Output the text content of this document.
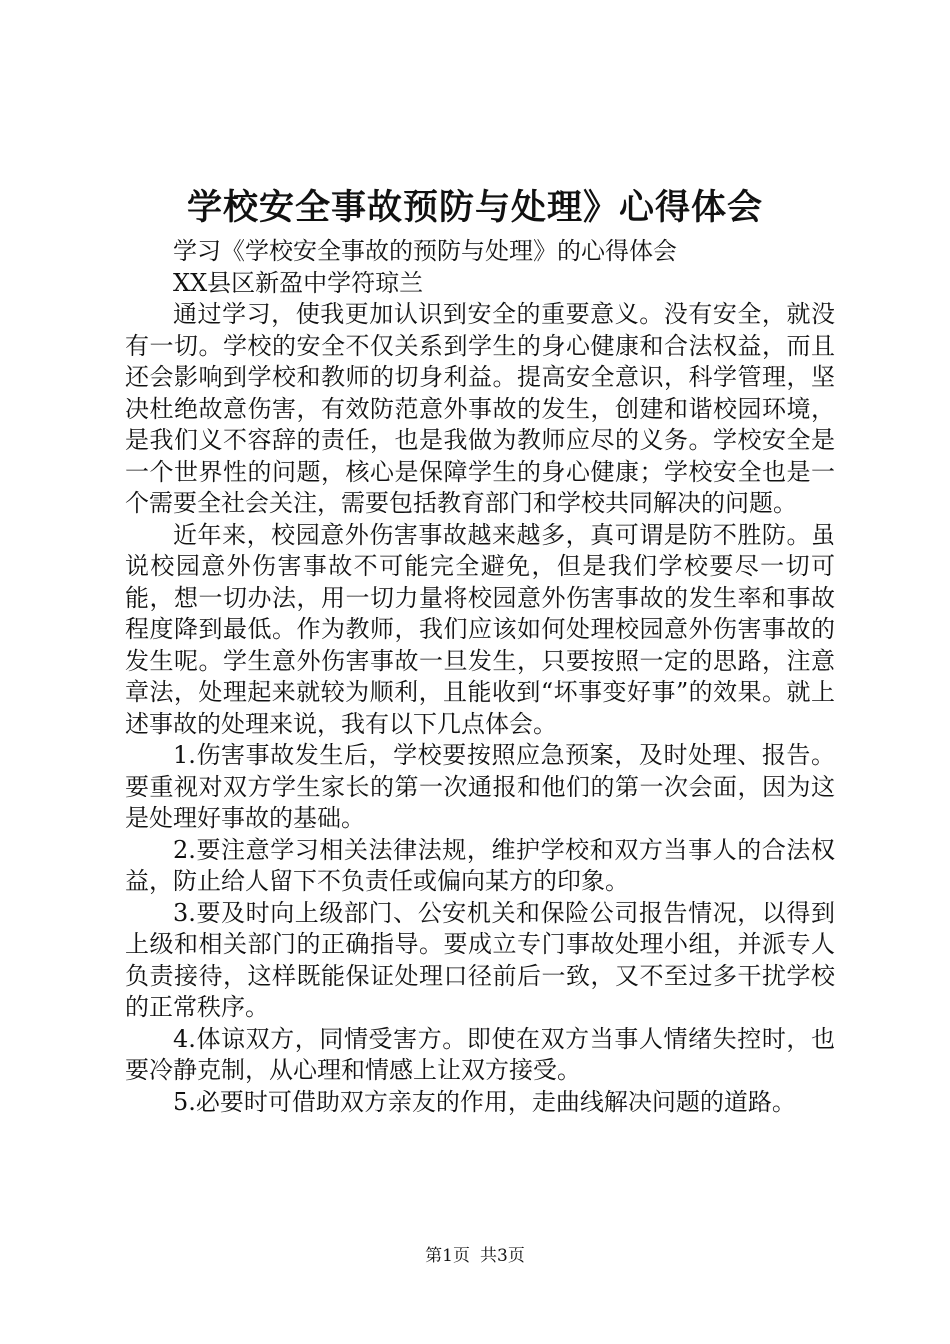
学校安全事故预防与处理》心得体会

学习《学校安全事故的预防与处理》的心得体会

XX县区新盈中学符琼兰

通过学习，使我更加认识到安全的重要意义。没有安全，就没有一切。学校的安全不仅关系到学生的身心健康和合法权益，而且还会影响到学校和教师的切身利益。提高安全意识，科学管理，坚决杜绝故意伤害，有效防范意外事故的发生，创建和谐校园环境，是我们义不容辞的责任，也是我做为教师应尽的义务。学校安全是一个世界性的问题，核心是保障学生的身心健康；学校安全也是一个需要全社会关注，需要包括教育部门和学校共同解决的问题。

近年来，校园意外伤害事故越来越多，真可谓是防不胜防。虽说校园意外伤害事故不可能完全避免，但是我们学校要尽一切可能，想一切办法，用一切力量将校园意外伤害事故的发生率和事故程度降到最低。作为教师，我们应该如何处理校园意外伤害事故的发生呢。学生意外伤害事故一旦发生，只要按照一定的思路，注意章法，处理起来就较为顺利，且能收到“坏事变好事”的效果。就上述事故的处理来说，我有以下几点体会。

1.伤害事故发生后，学校要按照应急预案，及时处理、报告。要重视对双方学生家长的第一次通报和他们的第一次会面，因为这是处理好事故的基础。

2.要注意学习相关法律法规，维护学校和双方当事人的合法权益，防止给人留下不负责任或偏向某方的印象。

3.要及时向上级部门、公安机关和保险公司报告情况，以得到上级和相关部门的正确指导。要成立专门事故处理小组，并派专人负责接待，这样既能保证处理口径前后一致，又不至过多干扰学校的正常秩序。

4.体谅双方，同情受害方。即使在双方当事人情绪失控时，也要冷静克制，从心理和情感上让双方接受。

5.必要时可借助双方亲友的作用，走曲线解决问题的道路。

第1页 共3页
